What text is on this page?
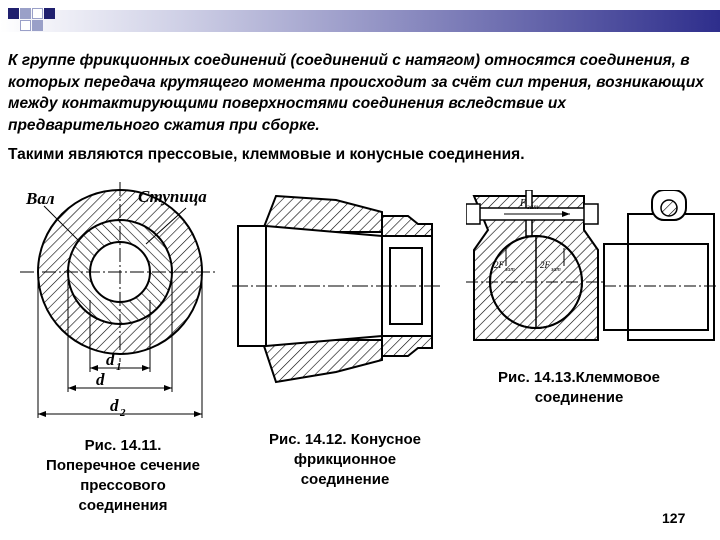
К группе фрикционных соединений (соединений с натягом) относятся соединения, в которых передача крутящего момента происходит за счёт сил трения, возникающих между контактирующими поверхностями соединения вследствие их предварительного сжатия при сборке.

Такими являются прессовые, клеммовые и конусные соединения.

Вал	Ступица
d 1
d
d 2
F зат
2F зат	2F зат
Рис. 14.11.
Поперечное сечение
прессового
соединения
Рис. 14.12. Конусное
фрикционное
соединение
Рис. 14.13.Клеммовое
соединение
127
